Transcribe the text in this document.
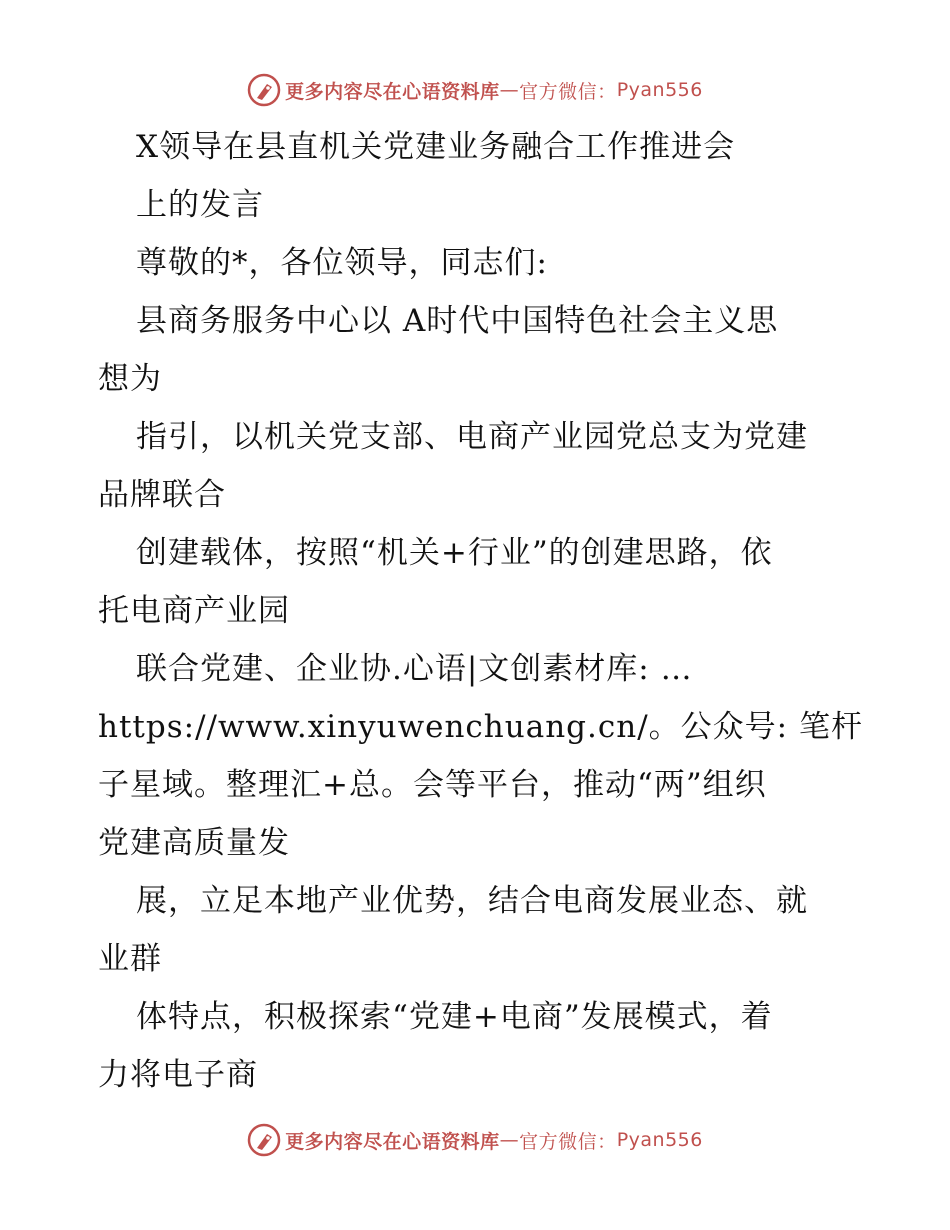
更多内容尽在心语资料库 — 官方微信： Pyan556
X领导在县直机关党建业务融合工作推进会
上的发言
尊敬的*，各位领导，同志们:
县商务服务中心以 A时代中国特色社会主义思
想为
指引，以机关党支部、电商产业园党总支为党建
品牌联合
创建载体，按照“机关+行业”的创建思路，依
托电商产业园
联合党建、企业协.心语|文创素材库: …
https://www.xinyuwenchuang.cn/。公众号: 笔杆
子星域。整理汇+总。会等平台，推动“两”组织
党建高质量发
展，立足本地产业优势，结合电商发展业态、就
业群
体特点，积极探索“党建+电商”发展模式，着
力将电子商
更多内容尽在心语资料库 — 官方微信： Pyan556
